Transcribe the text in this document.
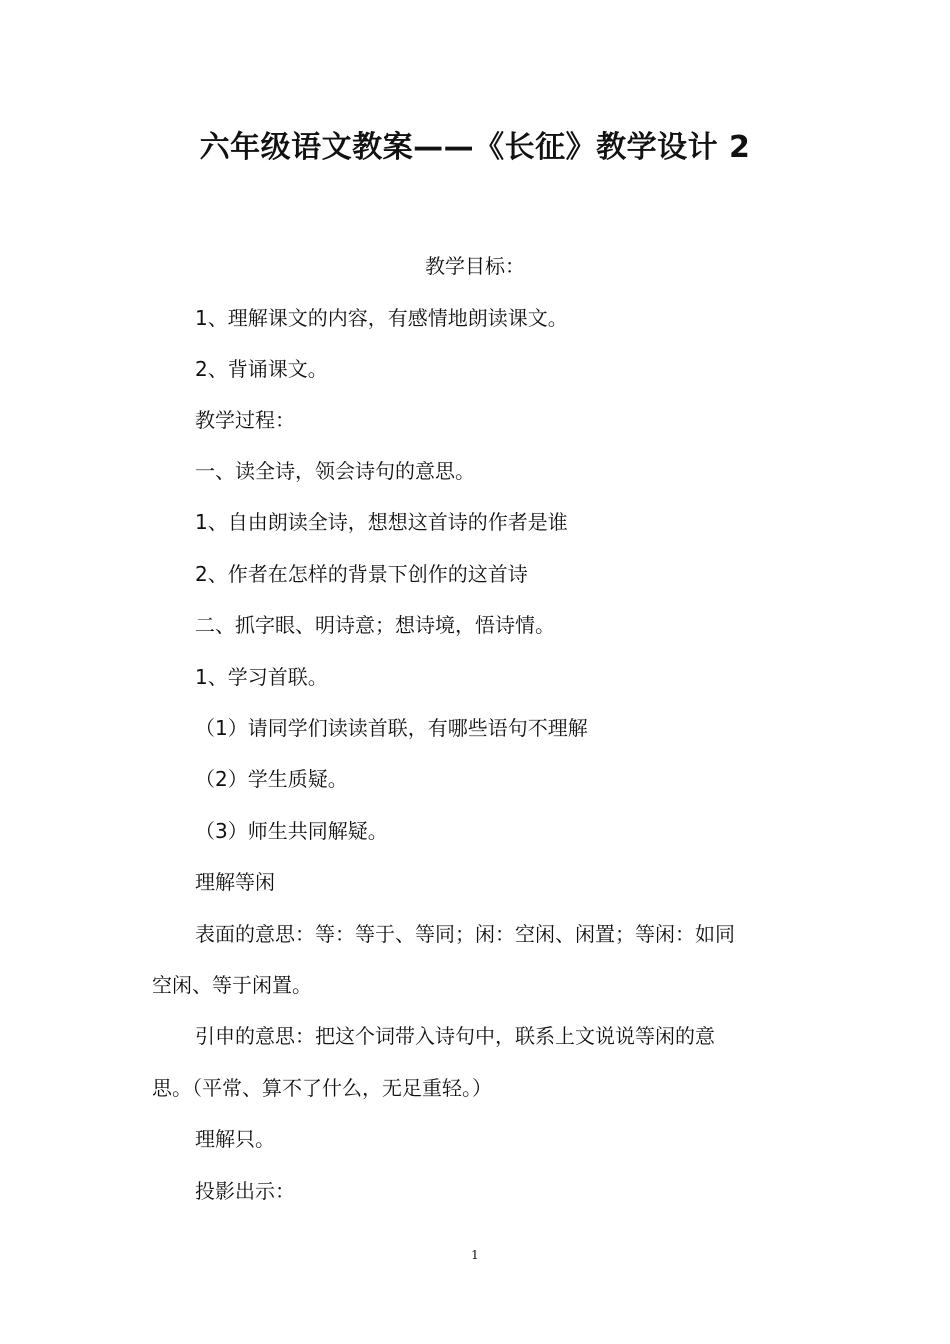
六年级语文教案——《长征》教学设计 2

教学目标：

1、理解课文的内容，有感情地朗读课文。

2、背诵课文。

教学过程：

一、读全诗，领会诗句的意思。

1、自由朗读全诗，想想这首诗的作者是谁

2、作者在怎样的背景下创作的这首诗

二、抓字眼、明诗意；想诗境，悟诗情。

1、学习首联。

（1）请同学们读读首联，有哪些语句不理解

（2）学生质疑。

（3）师生共同解疑。

理解等闲

表面的意思：等：等于、等同；闲：空闲、闲置；等闲：如同

空闲、等于闲置。

引申的意思：把这个词带入诗句中，联系上文说说等闲的意

思。（平常、算不了什么，无足重轻。）

理解只。

投影出示：

1
